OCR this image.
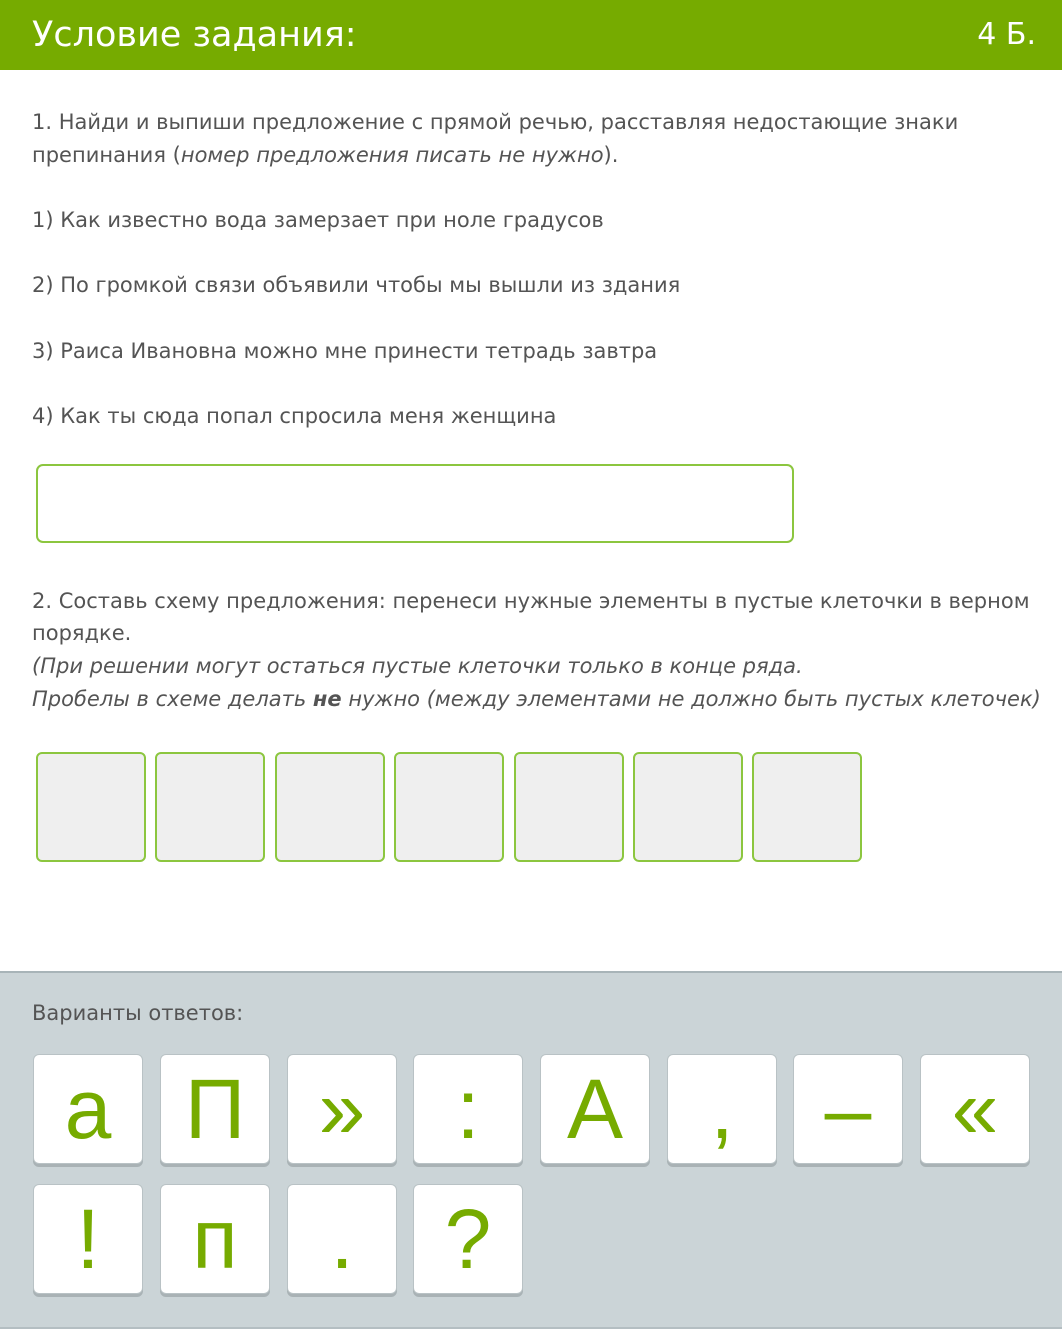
Условие задания:	4 Б.
1. Найди и выпиши предложение с прямой речью, расставляя недостающие знаки
препинания (номер предложения писать не нужно).
1) Как известно вода замерзает при ноле градусов
2) По громкой связи объявили чтобы мы вышли из здания
3) Раиса Ивановна можно мне принести тетрадь завтра
4) Как ты сюда попал спросила меня женщина
2. Составь схему предложения: перенеси нужные элементы в пустые клеточки в верном
порядке.
(При решении могут остаться пустые клеточки только в конце ряда.
Пробелы в схеме делать не нужно (между элементами не должно быть пустых клеточек)
Варианты ответов:
а П »	:	А	,	– «
!	п	.	?
